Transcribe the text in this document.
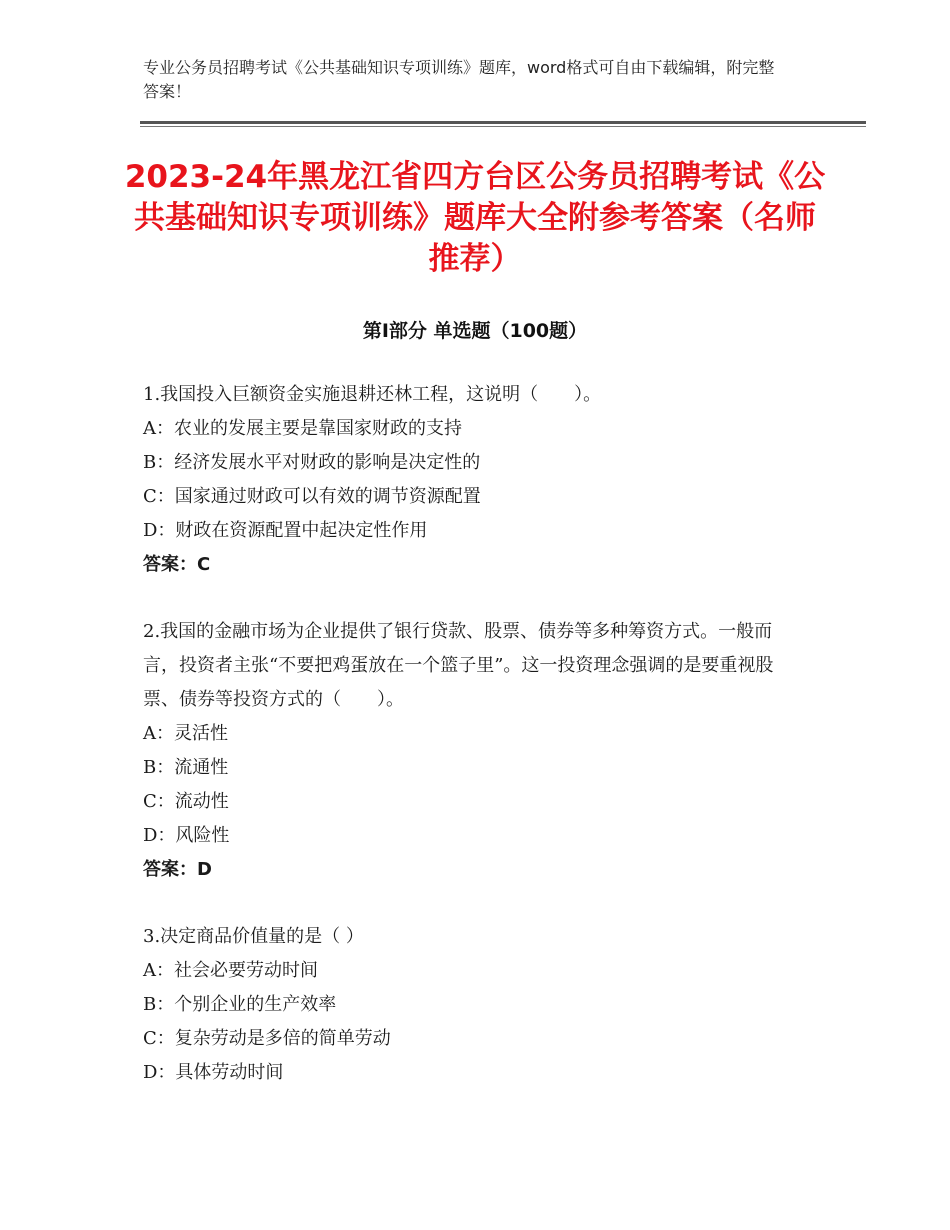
专业公务员招聘考试《公共基础知识专项训练》题库，word格式可自由下载编辑，附完整答案！
2023-24年黑龙江省四方台区公务员招聘考试《公共基础知识专项训练》题库大全附参考答案（名师推荐）
第Ⅰ部分 单选题（100题）

1.我国投入巨额资金实施退耕还林工程，这说明（　　）。

A：农业的发展主要是靠国家财政的支持

B：经济发展水平对财政的影响是决定性的

C：国家通过财政可以有效的调节资源配置

D：财政在资源配置中起决定性作用

答案：C

2.我国的金融市场为企业提供了银行贷款、股票、债券等多种筹资方式。一般而言，投资者主张“不要把鸡蛋放在一个篮子里”。这一投资理念强调的是要重视股票、债券等投资方式的（　　）。

A：灵活性

B：流通性

C：流动性

D：风险性

答案：D

3.决定商品价值量的是（ ）

A：社会必要劳动时间

B：个别企业的生产效率

C：复杂劳动是多倍的简单劳动

D：具体劳动时间
